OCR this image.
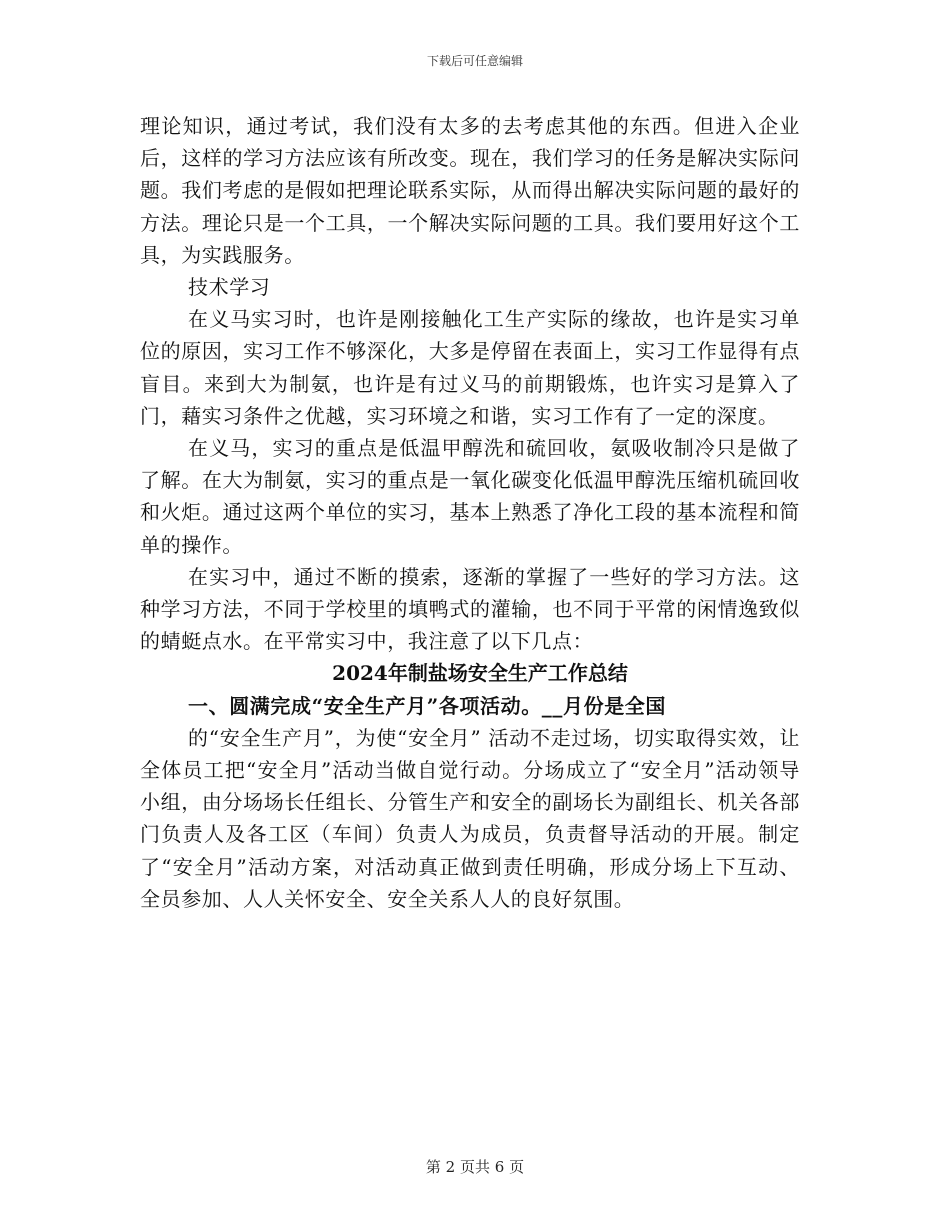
下载后可任意编辑

理论知识，通过考试，我们没有太多的去考虑其他的东西。但进入企业后，这样的学习方法应该有所改变。现在，我们学习的任务是解决实际问题。我们考虑的是假如把理论联系实际，从而得出解决实际问题的最好的方法。理论只是一个工具，一个解决实际问题的工具。我们要用好这个工具，为实践服务。

技术学习

在义马实习时，也许是刚接触化工生产实际的缘故，也许是实习单位的原因，实习工作不够深化，大多是停留在表面上，实习工作显得有点盲目。来到大为制氨，也许是有过义马的前期锻炼，也许实习是算入了门，藉实习条件之优越，实习环境之和谐，实习工作有了一定的深度。

在义马，实习的重点是低温甲醇洗和硫回收，氨吸收制冷只是做了了解。在大为制氨，实习的重点是一氧化碳变化低温甲醇洗压缩机硫回收和火炬。通过这两个单位的实习，基本上熟悉了净化工段的基本流程和简单的操作。

在实习中，通过不断的摸索，逐渐的掌握了一些好的学习方法。这种学习方法，不同于学校里的填鸭式的灌输，也不同于平常的闲情逸致似的蜻蜓点水。在平常实习中，我注意了以下几点：

2024年制盐场安全生产工作总结

一、圆满完成“安全生产月”各项活动。__月份是全国

的“安全生产月”，为使“安全月” 活动不走过场，切实取得实效，让全体员工把“安全月”活动当做自觉行动。分场成立了“安全月”活动领导小组，由分场场长任组长、分管生产和安全的副场长为副组长、机关各部门负责人及各工区（车间）负责人为成员，负责督导活动的开展。制定了“安全月”活动方案，对活动真正做到责任明确，形成分场上下互动、全员参加、人人关怀安全、安全关系人人的良好氛围。

第 2 页共 6 页
